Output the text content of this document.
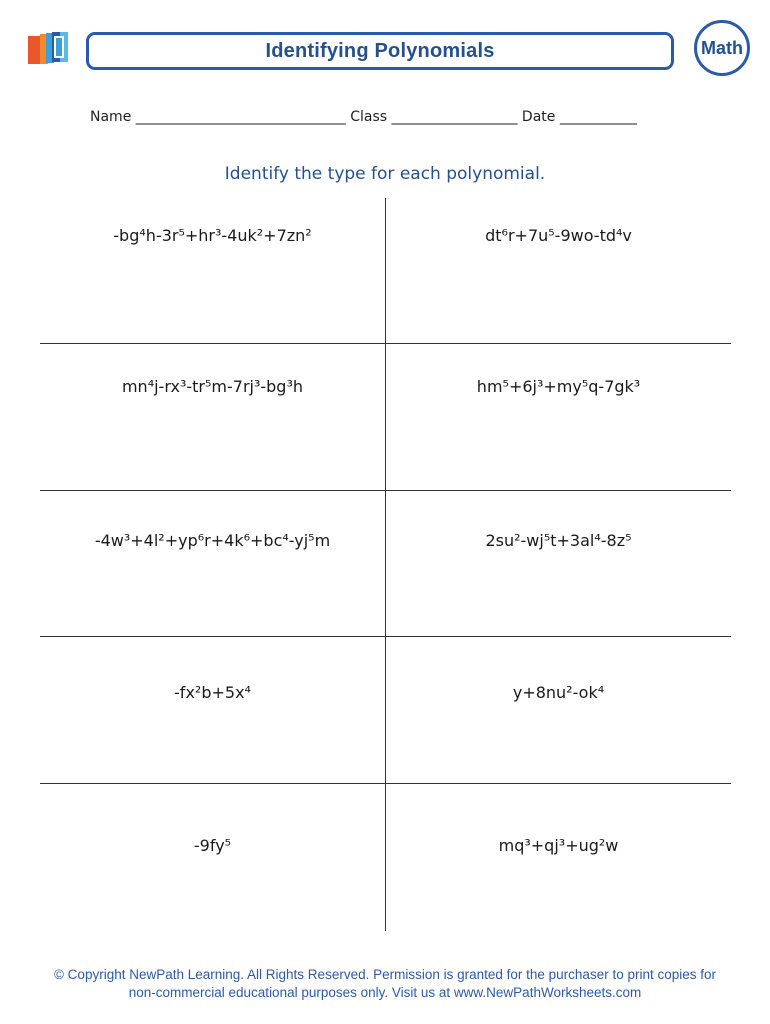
Identifying Polynomials	Math
Name ______________________________ Class __________________ Date ___________
Identify the type for each polynomial.
-bg⁴h-3r⁵+hr³-4uk²+7zn²	dt⁶r+7u⁵-9wo-td⁴v
mn⁴j-rx³-tr⁵m-7rj³-bg³h	hm⁵+6j³+my⁵q-7gk³
-4w³+4l²+yp⁶r+4k⁶+bc⁴-yj⁵m	2su²-wj⁵t+3al⁴-8z⁵
-fx²b+5x⁴	y+8nu²-ok⁴
-9fy⁵	mq³+qj³+ug²w
© Copyright NewPath Learning. All Rights Reserved. Permission is granted for the purchaser to print copies for
non-commercial educational purposes only. Visit us at www.NewPathWorksheets.com
